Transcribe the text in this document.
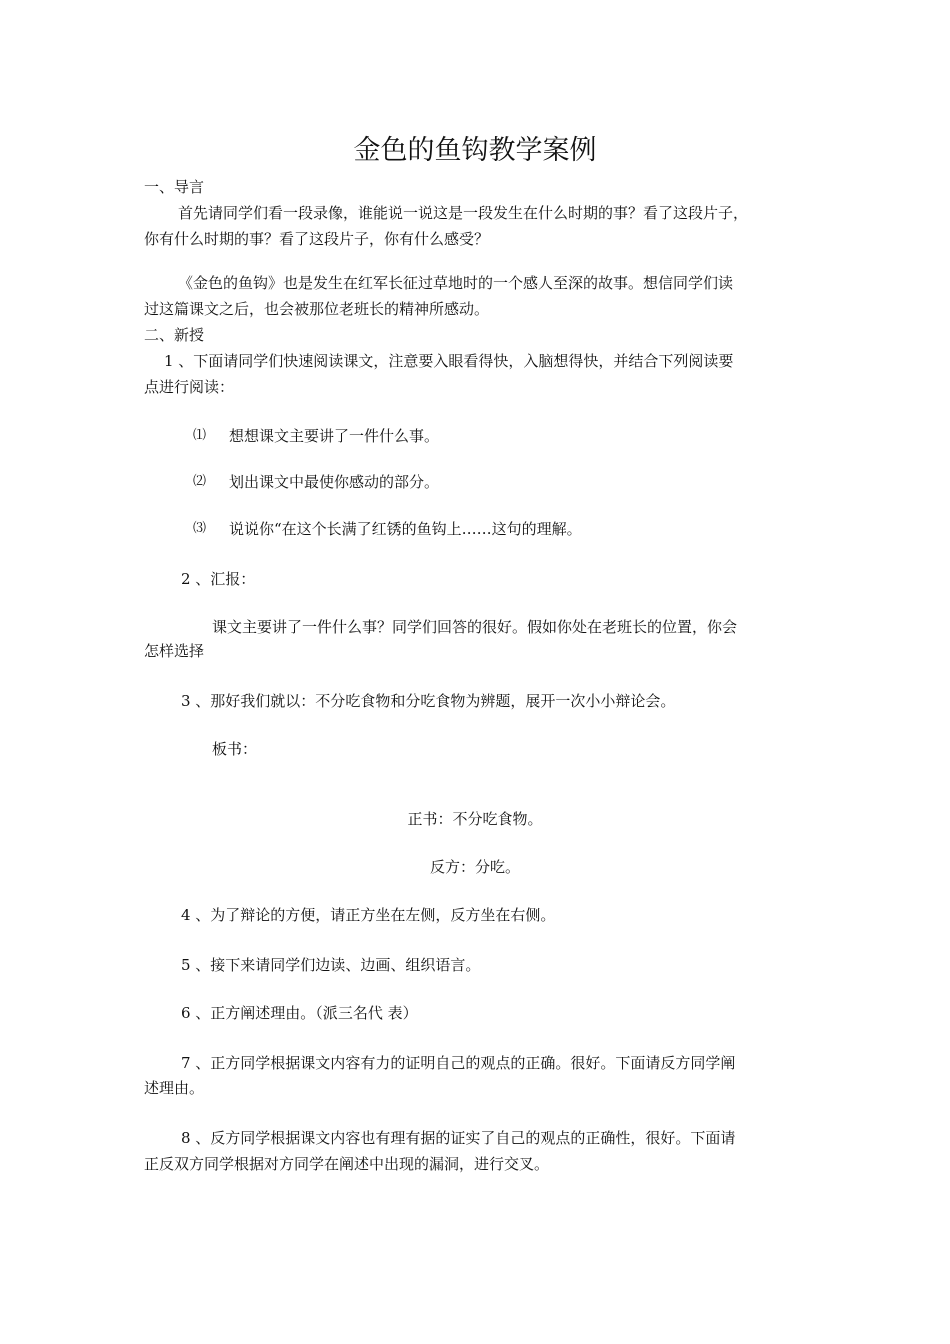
金色的鱼钩教学案例
一、导言
首先请同学们看一段录像，谁能说一说这是一段发生在什么时期的事？看了这段片子，
你有什么时期的事？看了这段片子，你有什么感受？
《金色的鱼钩》也是发生在红军长征过草地时的一个感人至深的故事。想信同学们读
过这篇课文之后，也会被那位老班长的精神所感动。
二、新授
1 、下面请同学们快速阅读课文，注意要入眼看得快，入脑想得快，并结合下列阅读要
点进行阅读：
⑴ 想想课文主要讲了一件什么事。
⑵ 划出课文中最使你感动的部分。
⑶ 说说你“在这个长满了红锈的鱼钩上……这句的理解。
2 、汇报：
课文主要讲了一件什么事？同学们回答的很好。假如你处在老班长的位置，你会
怎样选择
3 、那好我们就以：不分吃食物和分吃食物为辨题，展开一次小小辩论会。
板书：
正书：不分吃食物。
反方：分吃。
4 、为了辩论的方便，请正方坐在左侧，反方坐在右侧。
5 、接下来请同学们边读、边画、组织语言。
6 、正方阐述理由。（派三名代 表）
7 、正方同学根据课文内容有力的证明自己的观点的正确。很好。下面请反方同学阐
述理由。
8 、反方同学根据课文内容也有理有据的证实了自己的观点的正确性，很好。下面请
正反双方同学根据对方同学在阐述中出现的漏洞，进行交叉。
